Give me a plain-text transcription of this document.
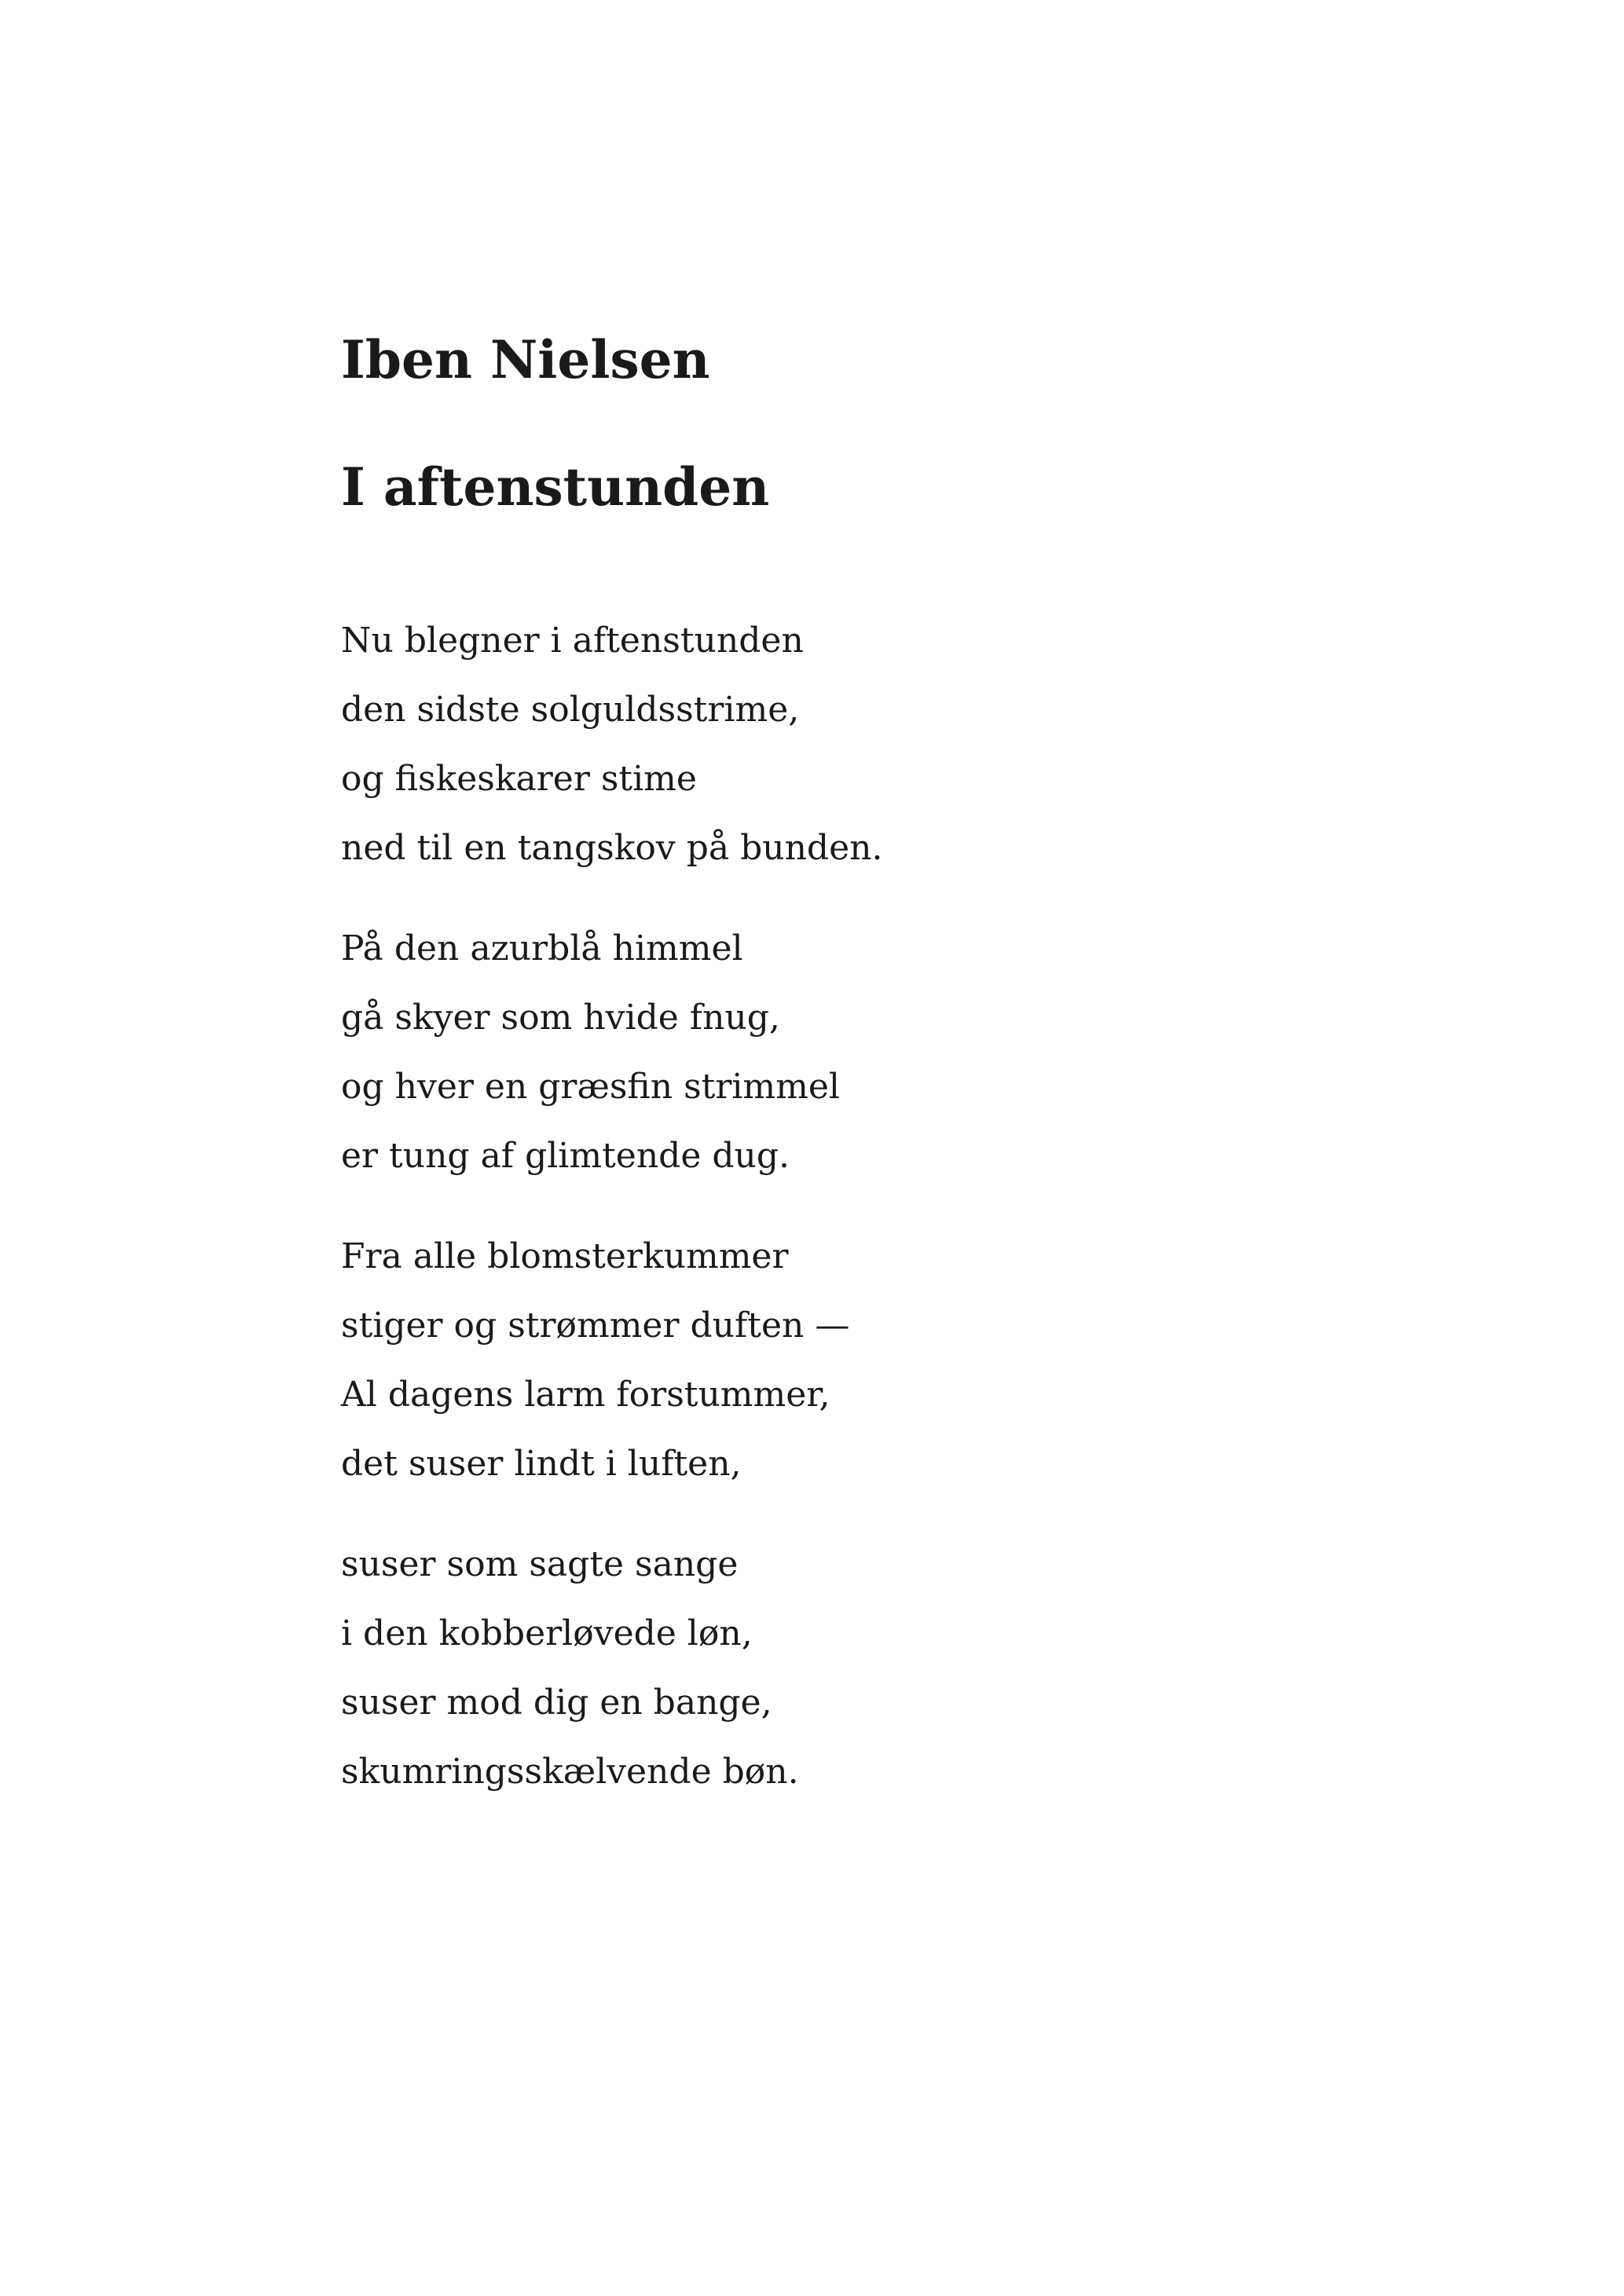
Iben Nielsen
I aftenstunden
Nu blegner i aftenstunden
den sidste solguldsstrime,
og fiskeskarer stime
ned til en tangskov på bunden.
På den azurblå himmel
gå skyer som hvide fnug,
og hver en græsfin strimmel
er tung af glimtende dug.
Fra alle blomsterkummer
stiger og strømmer duften —
Al dagens larm forstummer,
det suser lindt i luften,
suser som sagte sange
i den kobberløvede løn,
suser mod dig en bange,
skumringsskælvende bøn.
